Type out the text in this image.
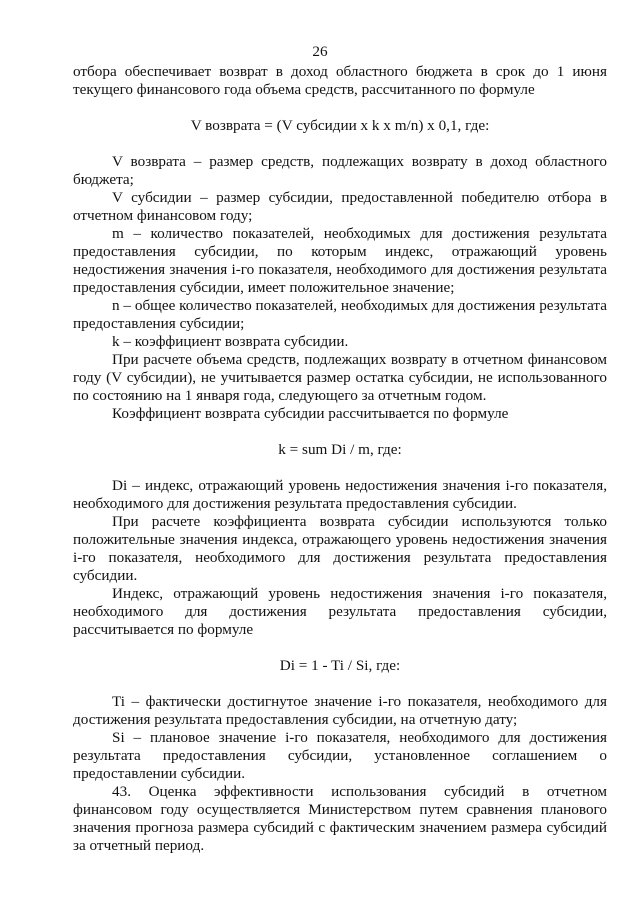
26

отбора обеспечивает возврат в доход областного бюджета в срок до 1 июня текущего финансового года объема средств, рассчитанного по формуле

V возврата = (V субсидии x k x m/n) x 0,1, где:

V возврата – размер средств, подлежащих возврату в доход областного бюджета;

V субсидии – размер субсидии, предоставленной победителю отбора в отчетном финансовом году;

m – количество показателей, необходимых для достижения результата предоставления субсидии, по которым индекс, отражающий уровень недостижения значения i-го показателя, необходимого для достижения результата предоставления субсидии, имеет положительное значение;

n – общее количество показателей, необходимых для достижения результата предоставления субсидии;

k – коэффициент возврата субсидии.

При расчете объема средств, подлежащих возврату в отчетном финансовом году (V субсидии), не учитывается размер остатка субсидии, не использованного по состоянию на 1 января года, следующего за отчетным годом.

Коэффициент возврата субсидии рассчитывается по формуле

k = sum Di / m, где:

Di – индекс, отражающий уровень недостижения значения i-го показателя, необходимого для достижения результата предоставления субсидии.

При расчете коэффициента возврата субсидии используются только положительные значения индекса, отражающего уровень недостижения значения i-го показателя, необходимого для достижения результата предоставления субсидии.

Индекс, отражающий уровень недостижения значения i-го показателя, необходимого для достижения результата предоставления субсидии, рассчитывается по формуле

Di = 1 - Ti / Si, где:

Ti – фактически достигнутое значение i-го показателя, необходимого для достижения результата предоставления субсидии, на отчетную дату;

Si – плановое значение i-го показателя, необходимого для достижения результата предоставления субсидии, установленное соглашением о предоставлении субсидии.

43. Оценка эффективности использования субсидий в отчетном финансовом году осуществляется Министерством путем сравнения планового значения прогноза размера субсидий с фактическим значением размера субсидий за отчетный период.
